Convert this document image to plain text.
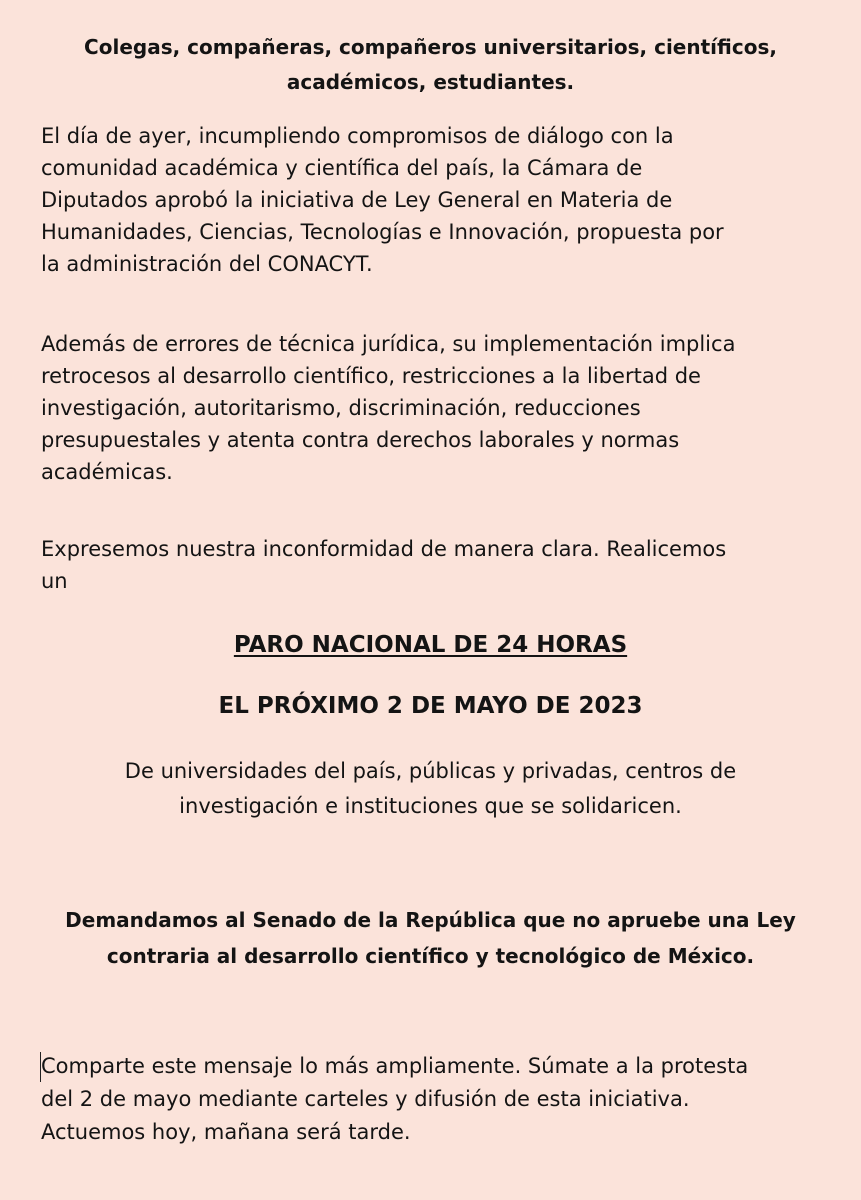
Colegas, compañeras, compañeros universitarios, científicos,
académicos, estudiantes.
El día de ayer, incumpliendo compromisos de diálogo con la
comunidad académica y científica del país, la Cámara de
Diputados aprobó la iniciativa de Ley General en Materia de
Humanidades, Ciencias, Tecnologías e Innovación, propuesta por
la administración del CONACYT.
Además de errores de técnica jurídica, su implementación implica
retrocesos al desarrollo científico, restricciones a la libertad de
investigación, autoritarismo, discriminación, reducciones
presupuestales y atenta contra derechos laborales y normas
académicas.
Expresemos nuestra inconformidad de manera clara. Realicemos
un
PARO NACIONAL DE 24 HORAS
EL PRÓXIMO 2 DE MAYO DE 2023
De universidades del país, públicas y privadas, centros de
investigación e instituciones que se solidaricen.
Demandamos al Senado de la República que no apruebe una Ley
contraria al desarrollo científico y tecnológico de México.
Comparte este mensaje lo más ampliamente. Súmate a la protesta
del 2 de mayo mediante carteles y difusión de esta iniciativa.
Actuemos hoy, mañana será tarde.
